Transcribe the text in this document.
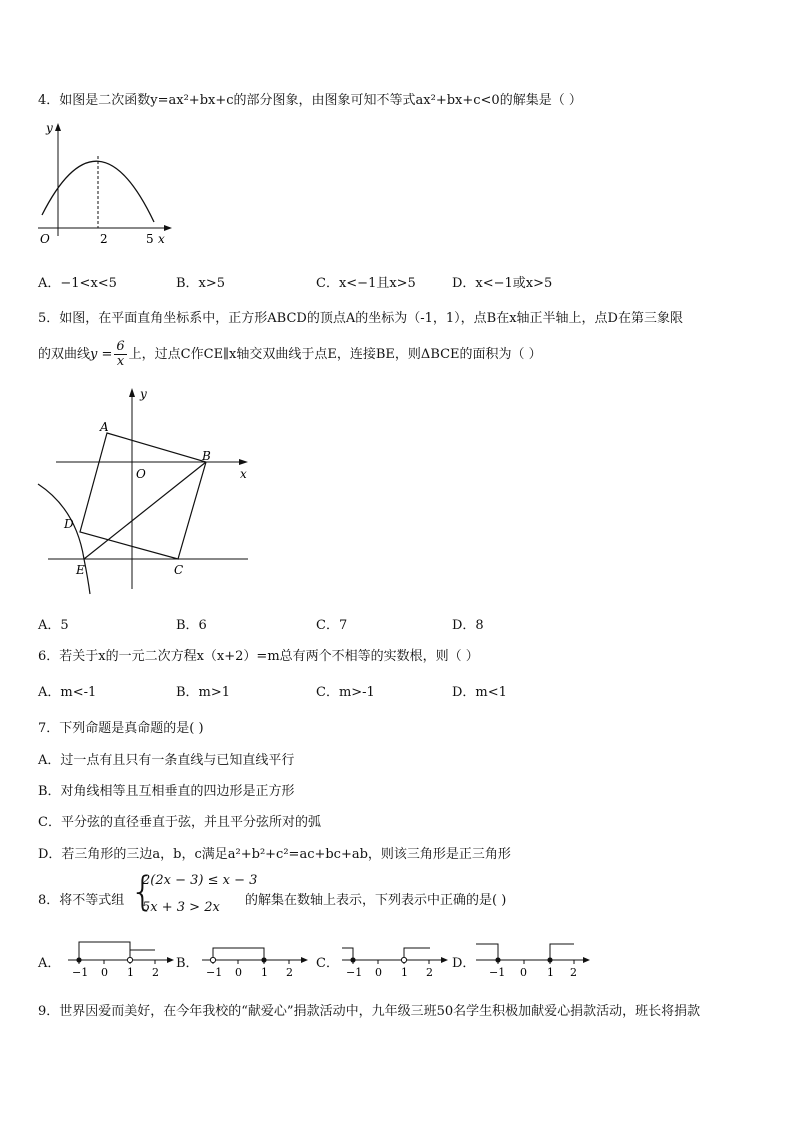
4．如图是二次函数y=ax²+bx+c的部分图象，由图象可知不等式ax²+bx+c<0的解集是（ ）
y
x
O	2	5
A．−1<x<5	B．x>5	C．x<−1且x>5	D．x<−1或x>5
5．如图，在平面直角坐标系中，正方形ABCD的顶点A的坐标为（-1，1），点B在x轴正半轴上，点D在第三象限
的双曲线$y = \frac{6}{x}$ 上，过点C作CE∥x轴交双曲线于点E，连接BE，则ΔBCE的面积为（ ）
y
x
O
A
B
C
D
E
A．5	B．6	C．7	D．8
6．若关于x的一元二次方程x（x+2）=m总有两个不相等的实数根，则（ ）
A．m<-1	B．m>1	C．m>-1	D．m<1
7．下列命题是真命题的是( )
A．过一点有且只有一条直线与已知直线平行
B．对角线相等且互相垂直的四边形是正方形
C．平分弦的直径垂直于弦，并且平分弦所对的弧
D．若三角形的三边a，b，c满足a²+b²+c²=ac+bc+ab，则该三角形是正三角形
8．将不等式组 {
2(2x − 3) ≤ x − 3
5x + 3 > 2x 的解集在数轴上表示，下列表示中正确的是( )
A．
−1 0 1 2
B．
−1 0 1 2
C．
−1 0 1 2
D．
−1 0 1 2
9．世界因爱而美好，在今年我校的“献爱心”捐款活动中，九年级三班50名学生积极加献爱心捐款活动，班长将捐款
